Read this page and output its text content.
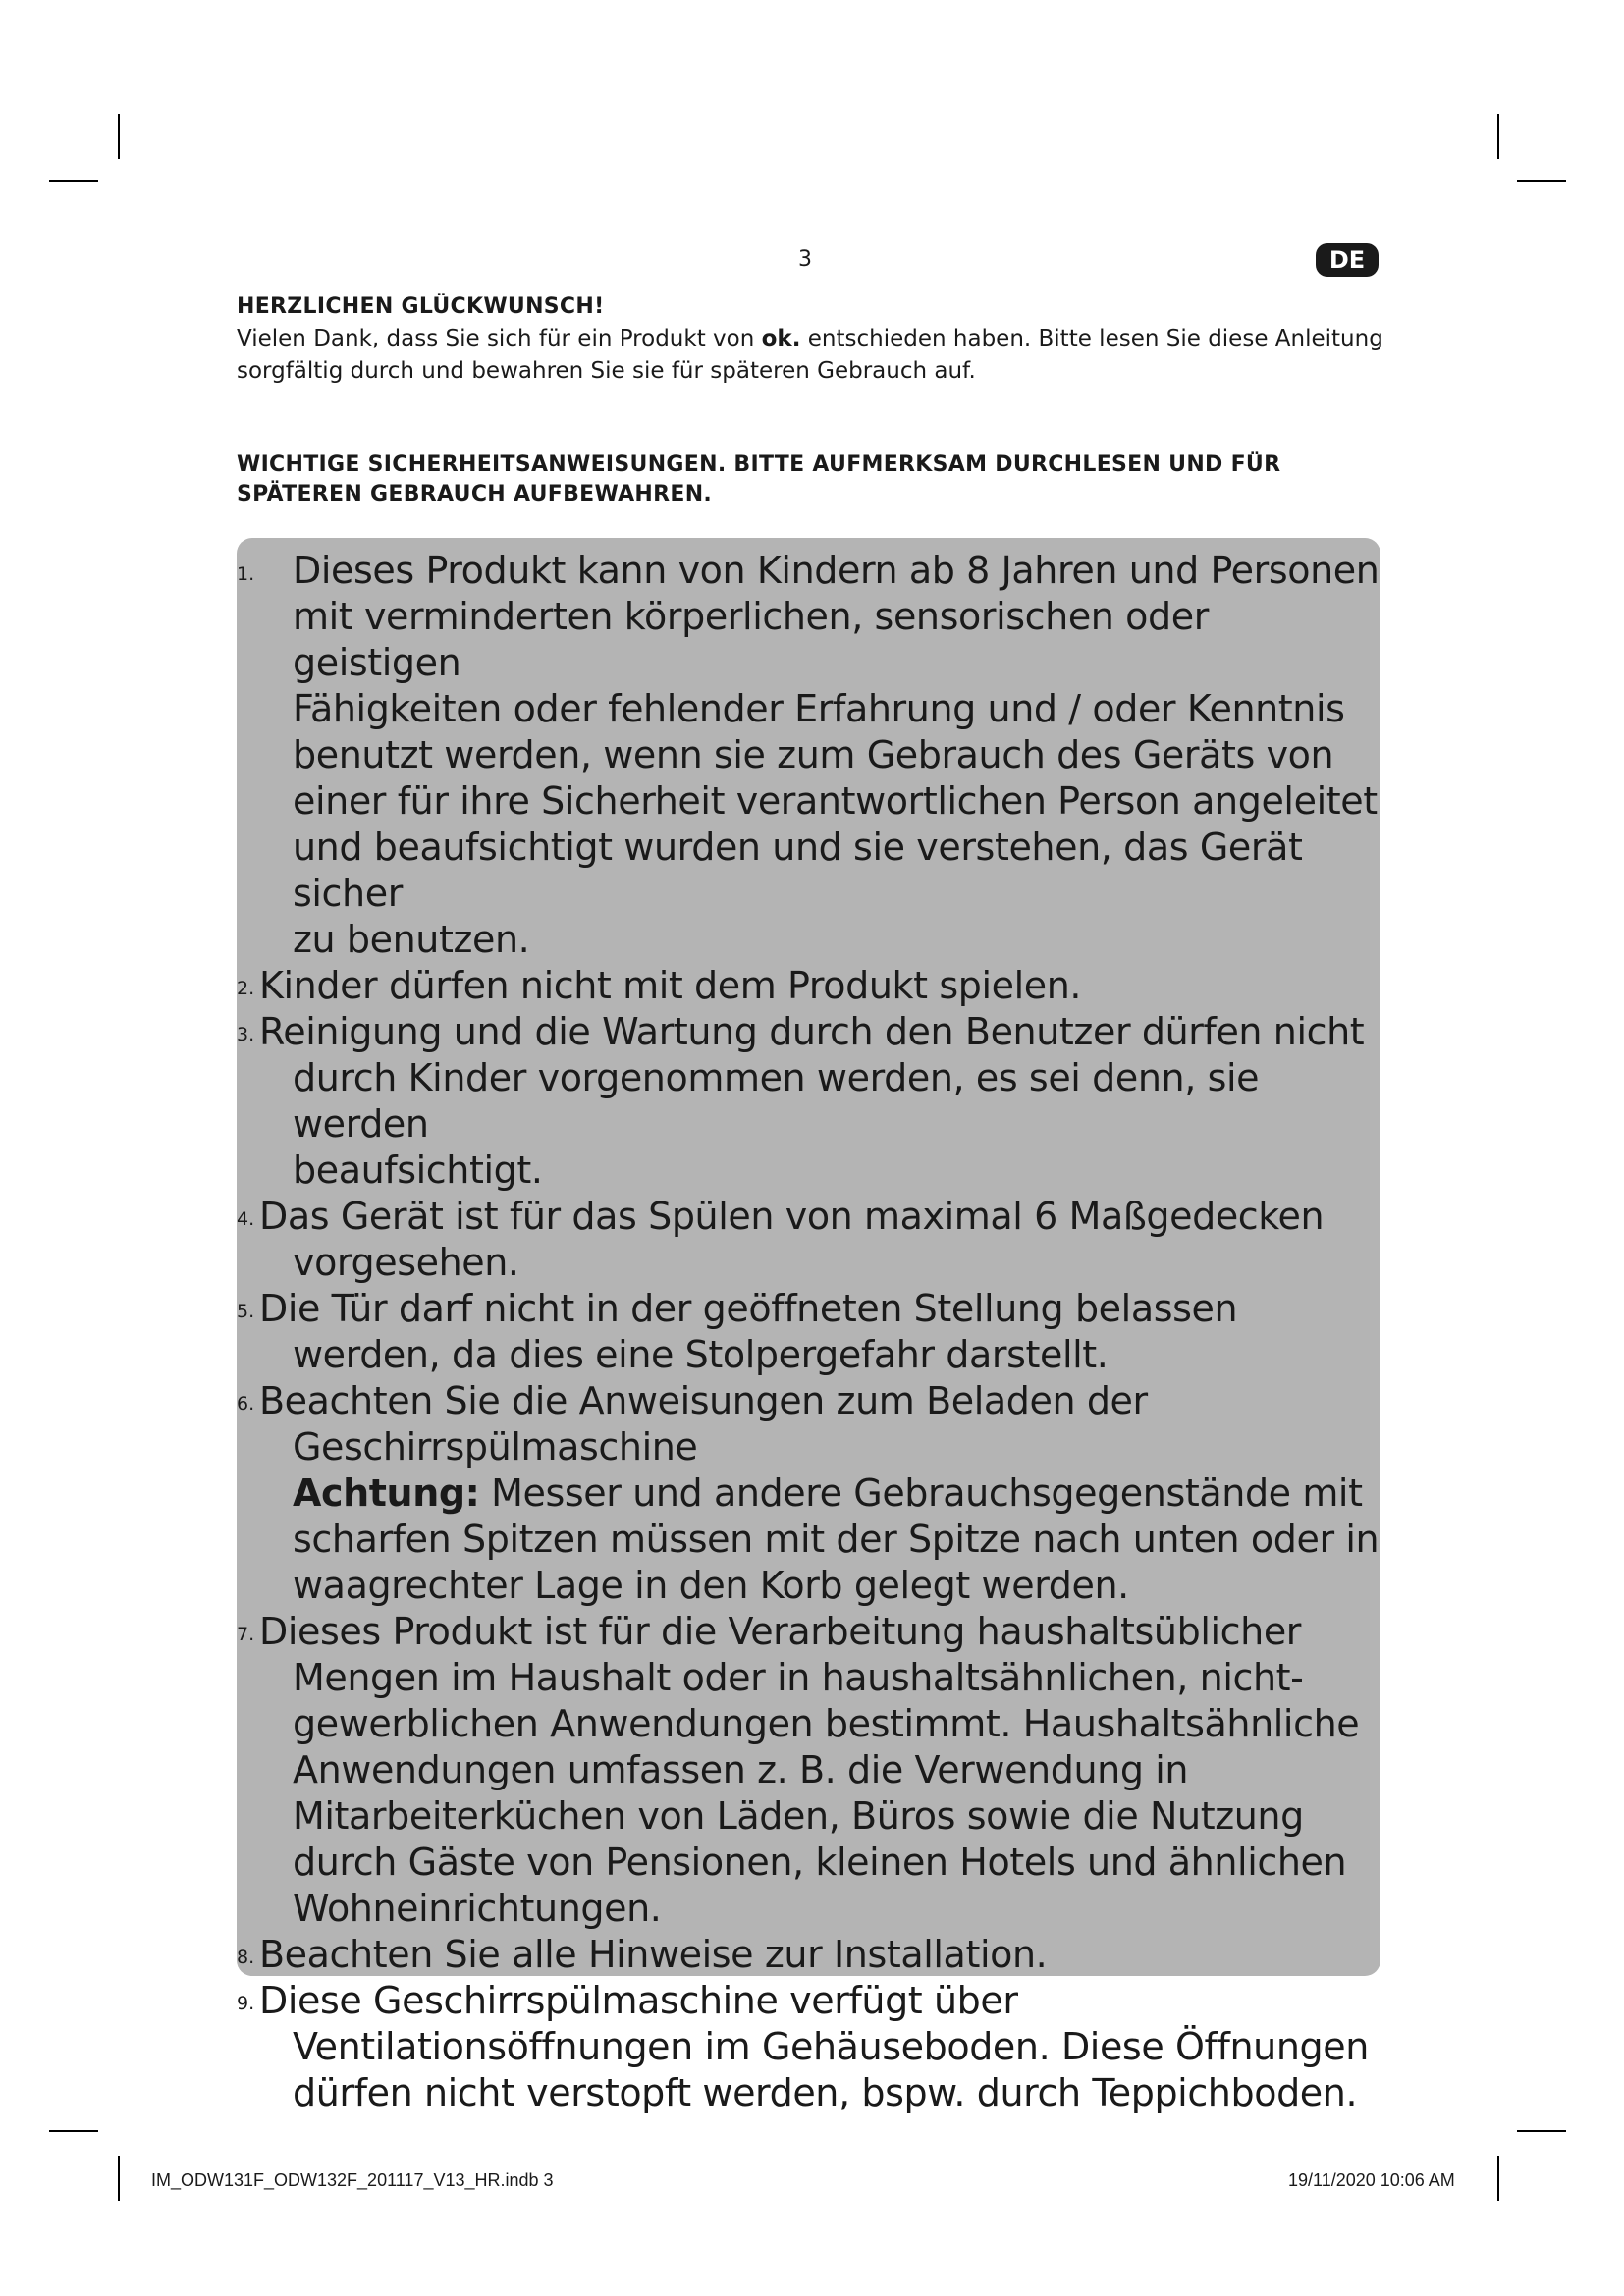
3	DE

HERZLICHEN GLÜCKWUNSCH!

Vielen Dank, dass Sie sich für ein Produkt von ok. entschieden haben. Bitte lesen Sie diese Anleitung sorgfältig durch und bewahren Sie sie für späteren Gebrauch auf.

WICHTIGE SICHERHEITSANWEISUNGEN. BITTE AUFMERKSAM DURCHLESEN UND FÜR SPÄTEREN GEBRAUCH AUFBEWAHREN.
1. Dieses Produkt kann von Kindern ab 8 Jahren und Personen
mit verminderten körperlichen, sensorischen oder geistigen
Fähigkeiten oder fehlender Erfahrung und / oder Kenntnis
benutzt werden, wenn sie zum Gebrauch des Geräts von
einer für ihre Sicherheit verantwortlichen Person angeleitet
und beaufsichtigt wurden und sie verstehen, das Gerät sicher
zu benutzen.
2. Kinder dürfen nicht mit dem Produkt spielen.
3. Reinigung und die Wartung durch den Benutzer dürfen nicht
durch Kinder vorgenommen werden, es sei denn, sie werden
beaufsichtigt.
4. Das Gerät ist für das Spülen von maximal 6 Maßgedecken
vorgesehen.
5. Die Tür darf nicht in der geöffneten Stellung belassen
werden, da dies eine Stolpergefahr darstellt.
6. Beachten Sie die Anweisungen zum Beladen der
Geschirrspülmaschine
Achtung: Messer und andere Gebrauchsgegenstände mit
scharfen Spitzen müssen mit der Spitze nach unten oder in
waagrechter Lage in den Korb gelegt werden.
7. Dieses Produkt ist für die Verarbeitung haushaltsüblicher
Mengen im Haushalt oder in haushaltsähnlichen, nicht-
gewerblichen Anwendungen bestimmt. Haushaltsähnliche
Anwendungen umfassen z. B. die Verwendung in
Mitarbeiterküchen von Läden, Büros sowie die Nutzung
durch Gäste von Pensionen, kleinen Hotels und ähnlichen
Wohneinrichtungen.
8. Beachten Sie alle Hinweise zur Installation.
9. Diese Geschirrspülmaschine verfügt über
Ventilationsöffnungen im Gehäuseboden. Diese Öffnungen
dürfen nicht verstopft werden, bspw. durch Teppichboden.
IM_ODW131F_ODW132F_201117_V13_HR.indb 3	19/11/2020 10:06 AM
